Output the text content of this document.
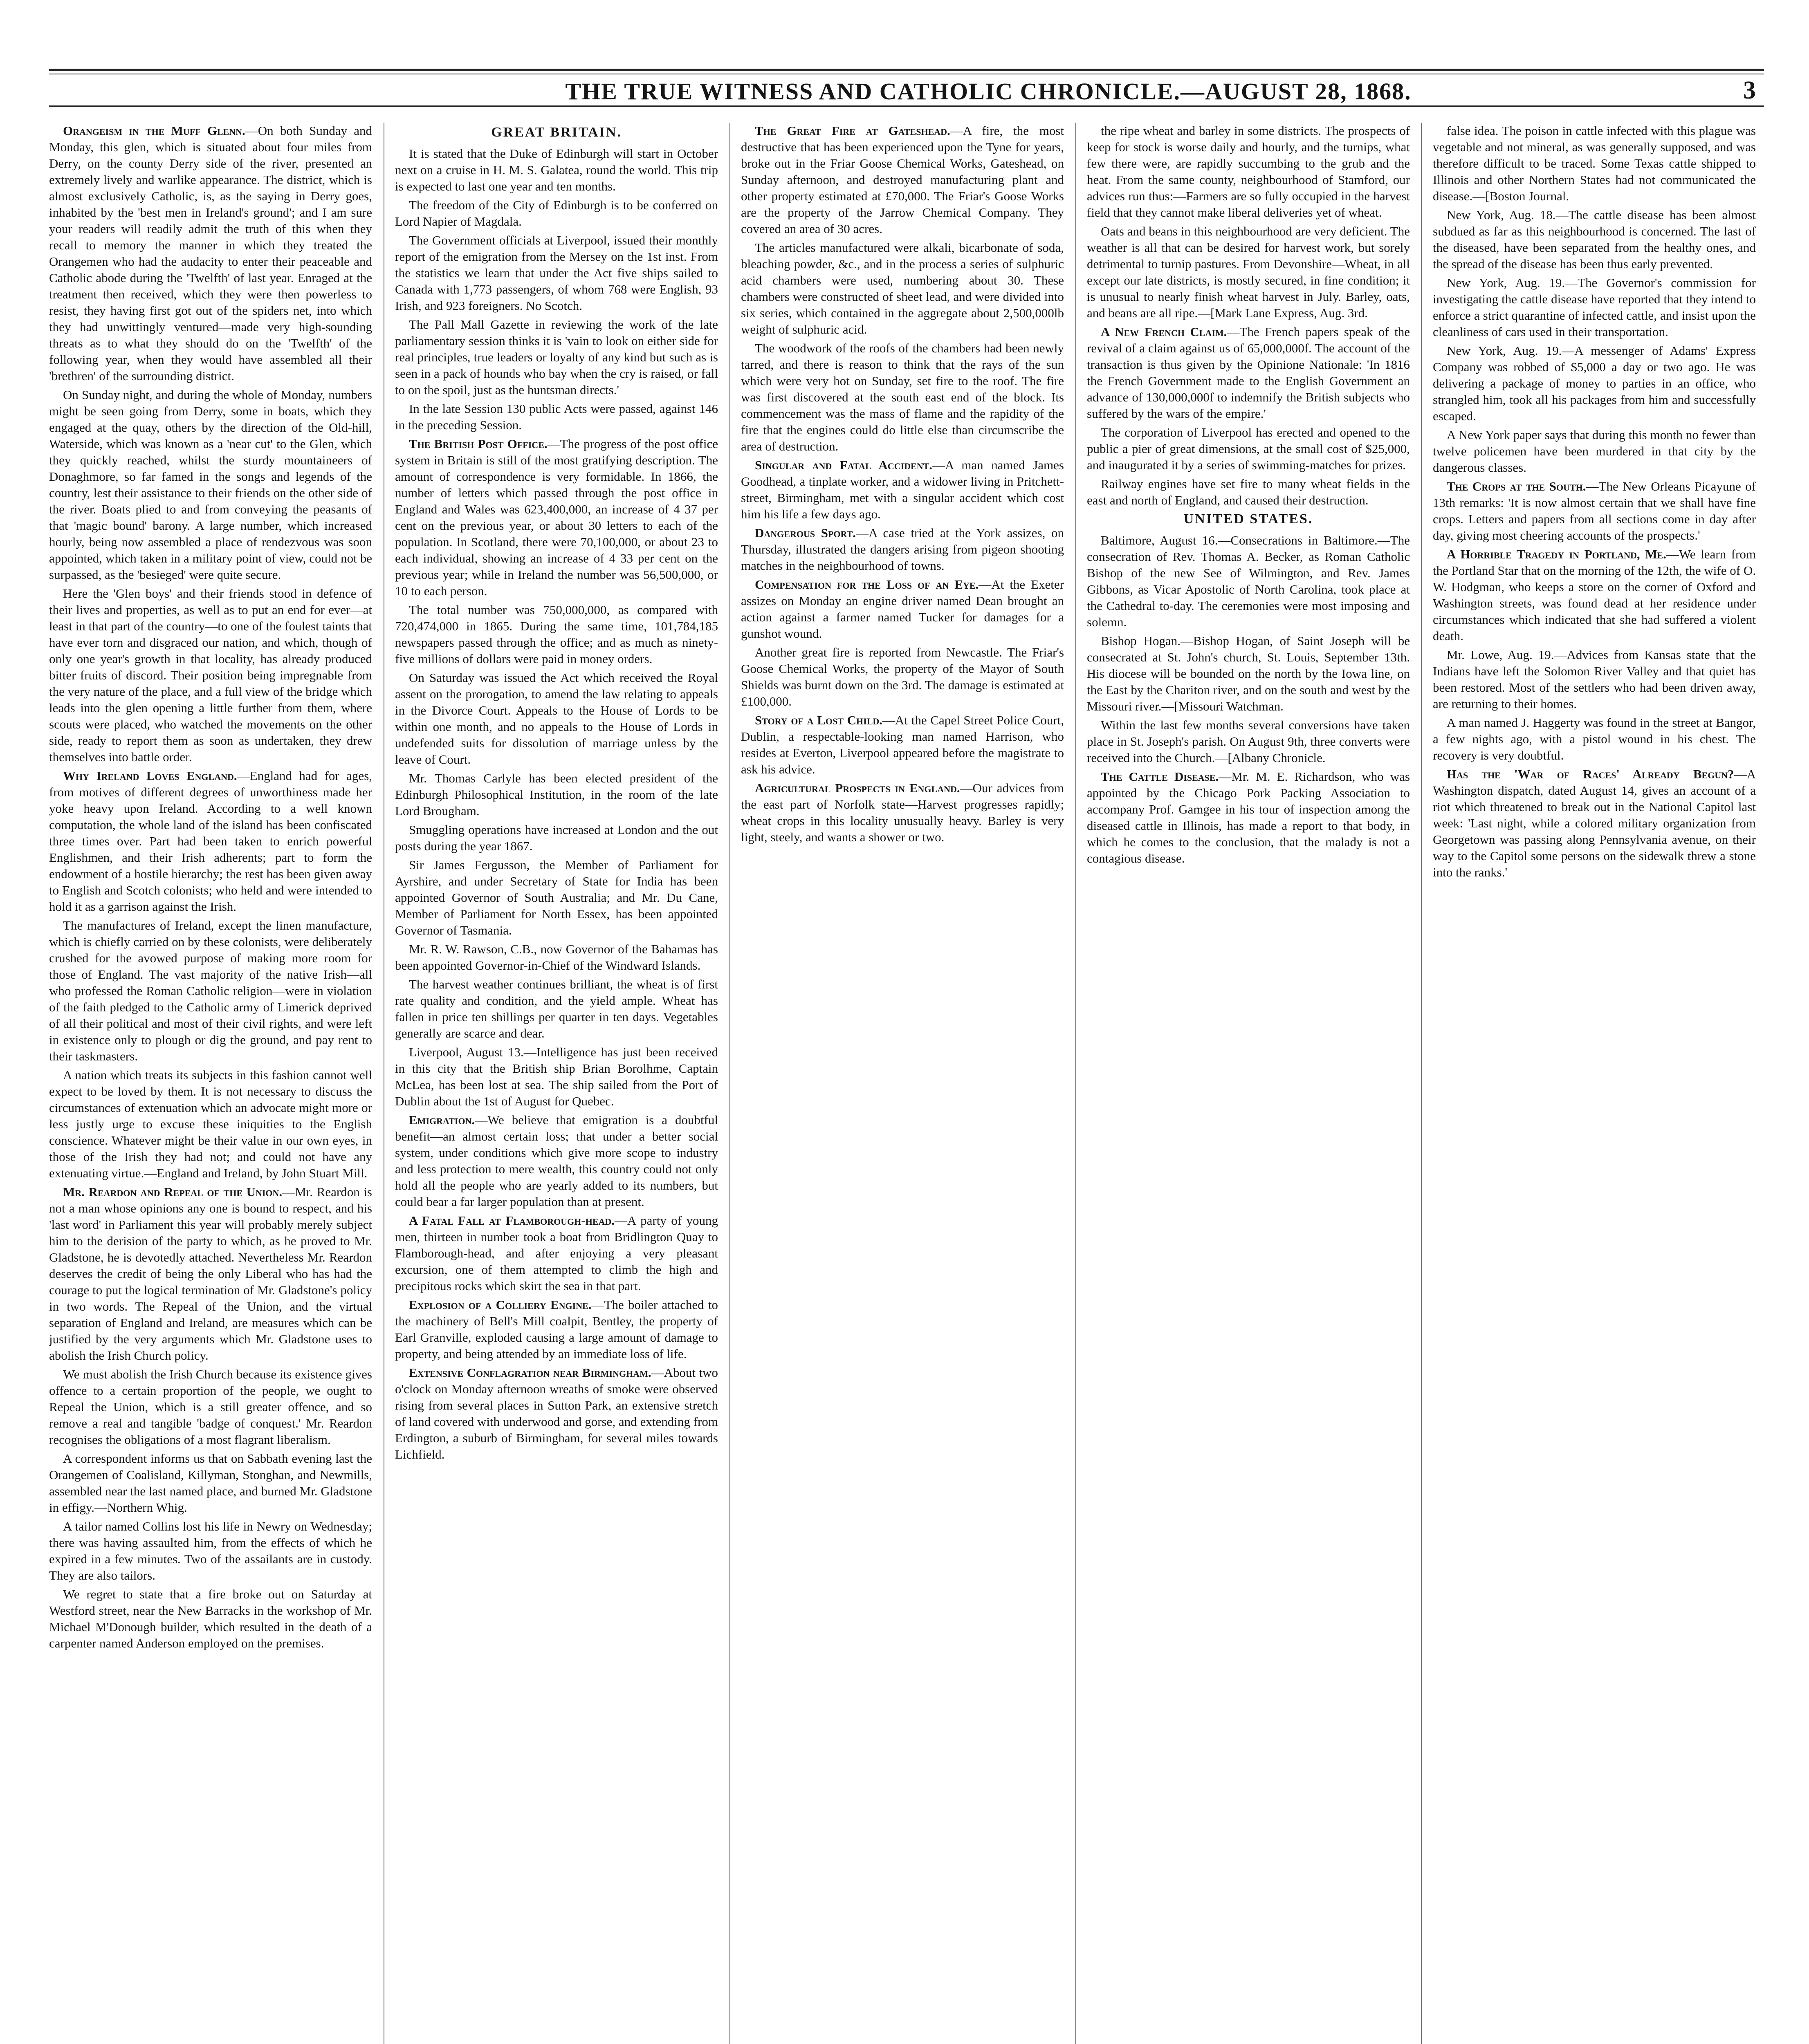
THE TRUE WITNESS AND CATHOLIC CHRONICLE.—AUGUST 28, 1868.	3

Orangeism in the Muff Glenn.—On both Sunday and Monday, this glen, which is situated about four miles from Derry, on the county Derry side of the river, presented an extremely lively and warlike appearance. The district, which is almost exclusively Catholic, is, as the saying in Derry goes, inhabited by the 'best men in Ireland's ground'; and I am sure your readers will readily admit the truth of this when they recall to memory the manner in which they treated the Orangemen who had the audacity to enter their peaceable and Catholic abode during the 'Twelfth' of last year. Enraged at the treatment then received, which they were then powerless to resist, they having first got out of the spiders net, into which they had unwittingly ventured—made very high-sounding threats as to what they should do on the 'Twelfth' of the following year, when they would have assembled all their 'brethren' of the surrounding district.

On Sunday night, and during the whole of Monday, numbers might be seen going from Derry, some in boats, which they engaged at the quay, others by the direction of the Old-hill, Waterside, which was known as a 'near cut' to the Glen, which they quickly reached, whilst the sturdy mountaineers of Donaghmore, so far famed in the songs and legends of the country, lest their assistance to their friends on the other side of the river. Boats plied to and from conveying the peasants of that 'magic bound' barony. A large number, which increased hourly, being now assembled a place of rendezvous was soon appointed, which taken in a military point of view, could not be surpassed, as the 'besieged' were quite secure.

Here the 'Glen boys' and their friends stood in defence of their lives and properties, as well as to put an end for ever—at least in that part of the country—to one of the foulest taints that have ever torn and disgraced our nation, and which, though of only one year's growth in that locality, has already produced bitter fruits of discord. Their position being impregnable from the very nature of the place, and a full view of the bridge which leads into the glen opening a little further from them, where scouts were placed, who watched the movements on the other side, ready to report them as soon as undertaken, they drew themselves into battle order.

Why Ireland Loves England.—England had for ages, from motives of different degrees of unworthiness made her yoke heavy upon Ireland. According to a well known computation, the whole land of the island has been confiscated three times over. Part had been taken to enrich powerful Englishmen, and their Irish adherents; part to form the endowment of a hostile hierarchy; the rest has been given away to English and Scotch colonists; who held and were intended to hold it as a garrison against the Irish.

The manufactures of Ireland, except the linen manufacture, which is chiefly carried on by these colonists, were deliberately crushed for the avowed purpose of making more room for those of England. The vast majority of the native Irish—all who professed the Roman Catholic religion—were in violation of the faith pledged to the Catholic army of Limerick deprived of all their political and most of their civil rights, and were left in existence only to plough or dig the ground, and pay rent to their taskmasters.

A nation which treats its subjects in this fashion cannot well expect to be loved by them. It is not necessary to discuss the circumstances of extenuation which an advocate might more or less justly urge to excuse these iniquities to the English conscience. Whatever might be their value in our own eyes, in those of the Irish they had not; and could not have any extenuating virtue.—England and Ireland, by John Stuart Mill.

Mr. Reardon and Repeal of the Union.—Mr. Reardon is not a man whose opinions any one is bound to respect, and his 'last word' in Parliament this year will probably merely subject him to the derision of the party to which, as he proved to Mr. Gladstone, he is devotedly attached. Nevertheless Mr. Reardon deserves the credit of being the only Liberal who has had the courage to put the logical termination of Mr. Gladstone's policy in two words. The Repeal of the Union, and the virtual separation of England and Ireland, are measures which can be justified by the very arguments which Mr. Gladstone uses to abolish the Irish Church policy.

We must abolish the Irish Church because its existence gives offence to a certain proportion of the people, we ought to Repeal the Union, which is a still greater offence, and so remove a real and tangible 'badge of conquest.' Mr. Reardon recognises the obligations of a most flagrant liberalism.

A correspondent informs us that on Sabbath evening last the Orangemen of Coalisland, Killyman, Stonghan, and Newmills, assembled near the last named place, and burned Mr. Gladstone in effigy.—Northern Whig.

A tailor named Collins lost his life in Newry on Wednesday; there was having assaulted him, from the effects of which he expired in a few minutes. Two of the assailants are in custody. They are also tailors.

We regret to state that a fire broke out on Saturday at Westford street, near the New Barracks in the workshop of Mr. Michael M'Donough builder, which resulted in the death of a carpenter named Anderson employed on the premises.

GREAT BRITAIN.

It is stated that the Duke of Edinburgh will start in October next on a cruise in H. M. S. Galatea, round the world. This trip is expected to last one year and ten months.

The freedom of the City of Edinburgh is to be conferred on Lord Napier of Magdala.

The Government officials at Liverpool, issued their monthly report of the emigration from the Mersey on the 1st inst. From the statistics we learn that under the Act five ships sailed to Canada with 1,773 passengers, of whom 768 were English, 93 Irish, and 923 foreigners. No Scotch.

The Pall Mall Gazette in reviewing the work of the late parliamentary session thinks it is 'vain to look on either side for real principles, true leaders or loyalty of any kind but such as is seen in a pack of hounds who bay when the cry is raised, or fall to on the spoil, just as the huntsman directs.'

In the late Session 130 public Acts were passed, against 146 in the preceding Session.

The British Post Office.—The progress of the post office system in Britain is still of the most gratifying description. The amount of correspondence is very formidable. In 1866, the number of letters which passed through the post office in England and Wales was 623,400,000, an increase of 4 37 per cent on the previous year, or about 30 letters to each of the population. In Scotland, there were 70,100,000, or about 23 to each individual, showing an increase of 4 33 per cent on the previous year; while in Ireland the number was 56,500,000, or 10 to each person.

The total number was 750,000,000, as compared with 720,474,000 in 1865. During the same time, 101,784,185 newspapers passed through the office; and as much as ninety-five millions of dollars were paid in money orders.

On Saturday was issued the Act which received the Royal assent on the prorogation, to amend the law relating to appeals in the Divorce Court. Appeals to the House of Lords to be within one month, and no appeals to the House of Lords in undefended suits for dissolution of marriage unless by the leave of Court.

Mr. Thomas Carlyle has been elected president of the Edinburgh Philosophical Institution, in the room of the late Lord Brougham.

Smuggling operations have increased at London and the out posts during the year 1867.

Sir James Fergusson, the Member of Parliament for Ayrshire, and under Secretary of State for India has been appointed Governor of South Australia; and Mr. Du Cane, Member of Parliament for North Essex, has been appointed Governor of Tasmania.

Mr. R. W. Rawson, C.B., now Governor of the Bahamas has been appointed Governor-in-Chief of the Windward Islands.

The harvest weather continues brilliant, the wheat is of first rate quality and condition, and the yield ample. Wheat has fallen in price ten shillings per quarter in ten days. Vegetables generally are scarce and dear.

Liverpool, August 13.—Intelligence has just been received in this city that the British ship Brian Borolhme, Captain McLea, has been lost at sea. The ship sailed from the Port of Dublin about the 1st of August for Quebec.

Emigration.—We believe that emigration is a doubtful benefit—an almost certain loss; that under a better social system, under conditions which give more scope to industry and less protection to mere wealth, this country could not only hold all the people who are yearly added to its numbers, but could bear a far larger population than at present.

A Fatal Fall at Flamborough-head.—A party of young men, thirteen in number took a boat from Bridlington Quay to Flamborough-head, and after enjoying a very pleasant excursion, one of them attempted to climb the high and precipitous rocks which skirt the sea in that part.

Explosion of a Colliery Engine.—The boiler attached to the machinery of Bell's Mill coalpit, Bentley, the property of Earl Granville, exploded causing a large amount of damage to property, and being attended by an immediate loss of life.

Extensive Conflagration near Birmingham.—About two o'clock on Monday afternoon wreaths of smoke were observed rising from several places in Sutton Park, an extensive stretch of land covered with underwood and gorse, and extending from Erdington, a suburb of Birmingham, for several miles towards Lichfield.

The Great Fire at Gateshead.—A fire, the most destructive that has been experienced upon the Tyne for years, broke out in the Friar Goose Chemical Works, Gateshead, on Sunday afternoon, and destroyed manufacturing plant and other property estimated at £70,000. The Friar's Goose Works are the property of the Jarrow Chemical Company. They covered an area of 30 acres.

The articles manufactured were alkali, bicarbonate of soda, bleaching powder, &c., and in the process a series of sulphuric acid chambers were used, numbering about 30. These chambers were constructed of sheet lead, and were divided into six series, which contained in the aggregate about 2,500,000lb weight of sulphuric acid.

The woodwork of the roofs of the chambers had been newly tarred, and there is reason to think that the rays of the sun which were very hot on Sunday, set fire to the roof. The fire was first discovered at the south east end of the block. Its commencement was the mass of flame and the rapidity of the fire that the engines could do little else than circumscribe the area of destruction.

Singular and Fatal Accident.—A man named James Goodhead, a tinplate worker, and a widower living in Pritchett-street, Birmingham, met with a singular accident which cost him his life a few days ago.

Dangerous Sport.—A case tried at the York assizes, on Thursday, illustrated the dangers arising from pigeon shooting matches in the neighbourhood of towns.

Compensation for the Loss of an Eye.—At the Exeter assizes on Monday an engine driver named Dean brought an action against a farmer named Tucker for damages for a gunshot wound.

Another great fire is reported from Newcastle. The Friar's Goose Chemical Works, the property of the Mayor of South Shields was burnt down on the 3rd. The damage is estimated at £100,000.

Story of a Lost Child.—At the Capel Street Police Court, Dublin, a respectable-looking man named Harrison, who resides at Everton, Liverpool appeared before the magistrate to ask his advice.

Agricultural Prospects in England.—Our advices from the east part of Norfolk state—Harvest progresses rapidly; wheat crops in this locality unusually heavy. Barley is very light, steely, and wants a shower or two.

the ripe wheat and barley in some districts. The prospects of keep for stock is worse daily and hourly, and the turnips, what few there were, are rapidly succumbing to the grub and the heat. From the same county, neighbourhood of Stamford, our advices run thus:—Farmers are so fully occupied in the harvest field that they cannot make liberal deliveries yet of wheat.

Oats and beans in this neighbourhood are very deficient. The weather is all that can be desired for harvest work, but sorely detrimental to turnip pastures. From Devonshire—Wheat, in all except our late districts, is mostly secured, in fine condition; it is unusual to nearly finish wheat harvest in July. Barley, oats, and beans are all ripe.—[Mark Lane Express, Aug. 3rd.

A New French Claim.—The French papers speak of the revival of a claim against us of 65,000,000f. The account of the transaction is thus given by the Opinione Nationale: 'In 1816 the French Government made to the English Government an advance of 130,000,000f to indemnify the British subjects who suffered by the wars of the empire.'

The corporation of Liverpool has erected and opened to the public a pier of great dimensions, at the small cost of $25,000, and inaugurated it by a series of swimming-matches for prizes.

Railway engines have set fire to many wheat fields in the east and north of England, and caused their destruction.

UNITED STATES.

Baltimore, August 16.—Consecrations in Baltimore.—The consecration of Rev. Thomas A. Becker, as Roman Catholic Bishop of the new See of Wilmington, and Rev. James Gibbons, as Vicar Apostolic of North Carolina, took place at the Cathedral to-day. The ceremonies were most imposing and solemn.

Bishop Hogan.—Bishop Hogan, of Saint Joseph will be consecrated at St. John's church, St. Louis, September 13th. His diocese will be bounded on the north by the Iowa line, on the East by the Chariton river, and on the south and west by the Missouri river.—[Missouri Watchman.

Within the last few months several conversions have taken place in St. Joseph's parish. On August 9th, three converts were received into the Church.—[Albany Chronicle.

The Cattle Disease.—Mr. M. E. Richardson, who was appointed by the Chicago Pork Packing Association to accompany Prof. Gamgee in his tour of inspection among the diseased cattle in Illinois, has made a report to that body, in which he comes to the conclusion, that the malady is not a contagious disease.

false idea. The poison in cattle infected with this plague was vegetable and not mineral, as was generally supposed, and was therefore difficult to be traced. Some Texas cattle shipped to Illinois and other Northern States had not communicated the disease.—[Boston Journal.

New York, Aug. 18.—The cattle disease has been almost subdued as far as this neighbourhood is concerned. The last of the diseased, have been separated from the healthy ones, and the spread of the disease has been thus early prevented.

New York, Aug. 19.—The Governor's commission for investigating the cattle disease have reported that they intend to enforce a strict quarantine of infected cattle, and insist upon the cleanliness of cars used in their transportation.

New York, Aug. 19.—A messenger of Adams' Express Company was robbed of $5,000 a day or two ago. He was delivering a package of money to parties in an office, who strangled him, took all his packages from him and successfully escaped.

A New York paper says that during this month no fewer than twelve policemen have been murdered in that city by the dangerous classes.

The Crops at the South.—The New Orleans Picayune of 13th remarks: 'It is now almost certain that we shall have fine crops. Letters and papers from all sections come in day after day, giving most cheering accounts of the prospects.'

A Horrible Tragedy in Portland, Me.—We learn from the Portland Star that on the morning of the 12th, the wife of O. W. Hodgman, who keeps a store on the corner of Oxford and Washington streets, was found dead at her residence under circumstances which indicated that she had suffered a violent death.

Mr. Lowe, Aug. 19.—Advices from Kansas state that the Indians have left the Solomon River Valley and that quiet has been restored. Most of the settlers who had been driven away, are returning to their homes.

A man named J. Haggerty was found in the street at Bangor, a few nights ago, with a pistol wound in his chest. The recovery is very doubtful.

Has the 'War of Races' Already Begun?—A Washington dispatch, dated August 14, gives an account of a riot which threatened to break out in the National Capitol last week: 'Last night, while a colored military organization from Georgetown was passing along Pennsylvania avenue, on their way to the Capitol some persons on the sidewalk threw a stone into the ranks.'
